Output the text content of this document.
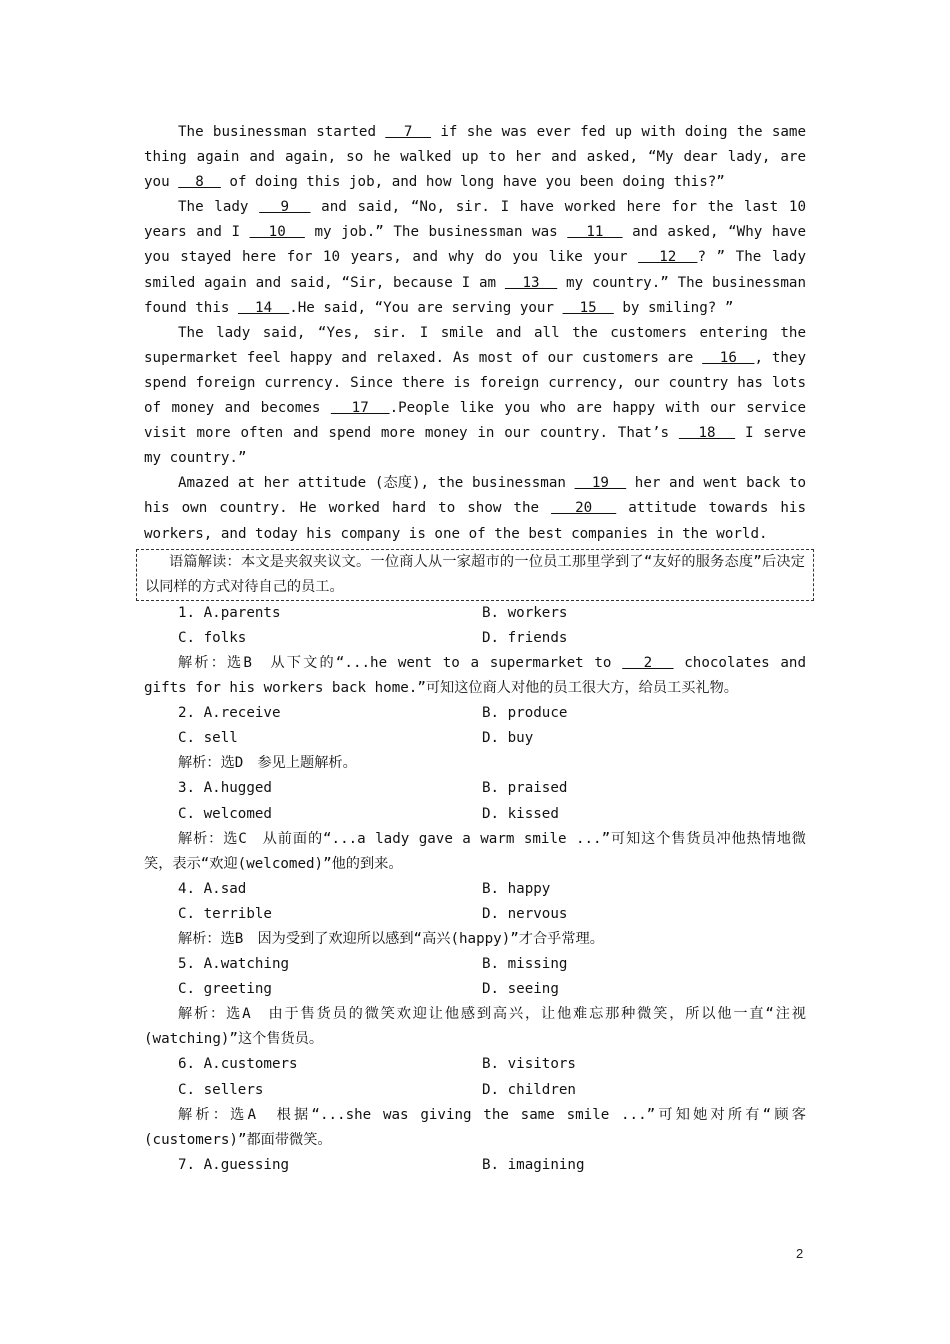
The businessman started   7   if she was ever fed up with doing the same thing again and again, so he walked up to her and asked, “My dear lady, are you   8   of doing this job, and how long have you been doing this?”

The lady   9   and said, “No, sir. I have worked here for the last 10 years and I   10   my job.” The businessman was   11   and asked, “Why have you stayed here for 10 years, and why do you like your   12  ? ” The lady smiled again and said, “Sir, because I am   13   my country.” The businessman found this   14  .He said, “You are serving your   15   by smiling? ”

The lady said, “Yes, sir. I smile and all the customers entering the supermarket feel happy and relaxed. As most of our customers are   16  , they spend foreign currency. Since there is foreign currency, our country has lots of money and becomes   17  .People like you who are happy with our service visit more often and spend more money in our country. That’s   18   I serve my country.”

Amazed at her attitude (态度), the businessman   19   her and went back to his own country. He worked hard to show the   20   attitude towards his workers, and today his company is one of the best companies in the world.

语篇解读：本文是夹叙夹议文。一位商人从一家超市的一位员工那里学到了“友好的服务态度”后决定以同样的方式对待自己的员工。

1. A.parents	B. workers
C. folks	D. friends

解析：选B　从下文的“...he went to a supermarket to   2   chocolates and gifts for his workers back home.”可知这位商人对他的员工很大方，给员工买礼物。

2. A.receive	B. produce
C. sell	D. buy

解析：选D　参见上题解析。

3. A.hugged	B. praised
C. welcomed	D. kissed

解析：选C　从前面的“...a lady gave a warm smile ...”可知这个售货员冲他热情地微笑，表示“欢迎(welcomed)”他的到来。

4. A.sad	B. happy
C. terrible	D. nervous

解析：选B　因为受到了欢迎所以感到“高兴(happy)”才合乎常理。

5. A.watching	B. missing
C. greeting	D. seeing

解析：选A　由于售货员的微笑欢迎让他感到高兴，让他难忘那种微笑，所以他一直“注视(watching)”这个售货员。

6. A.customers	B. visitors
C. sellers	D. children

解析：选A　根据“...she was giving the same smile ...”可知她对所有“顾客(customers)”都面带微笑。

7. A.guessing	B. imagining
2
